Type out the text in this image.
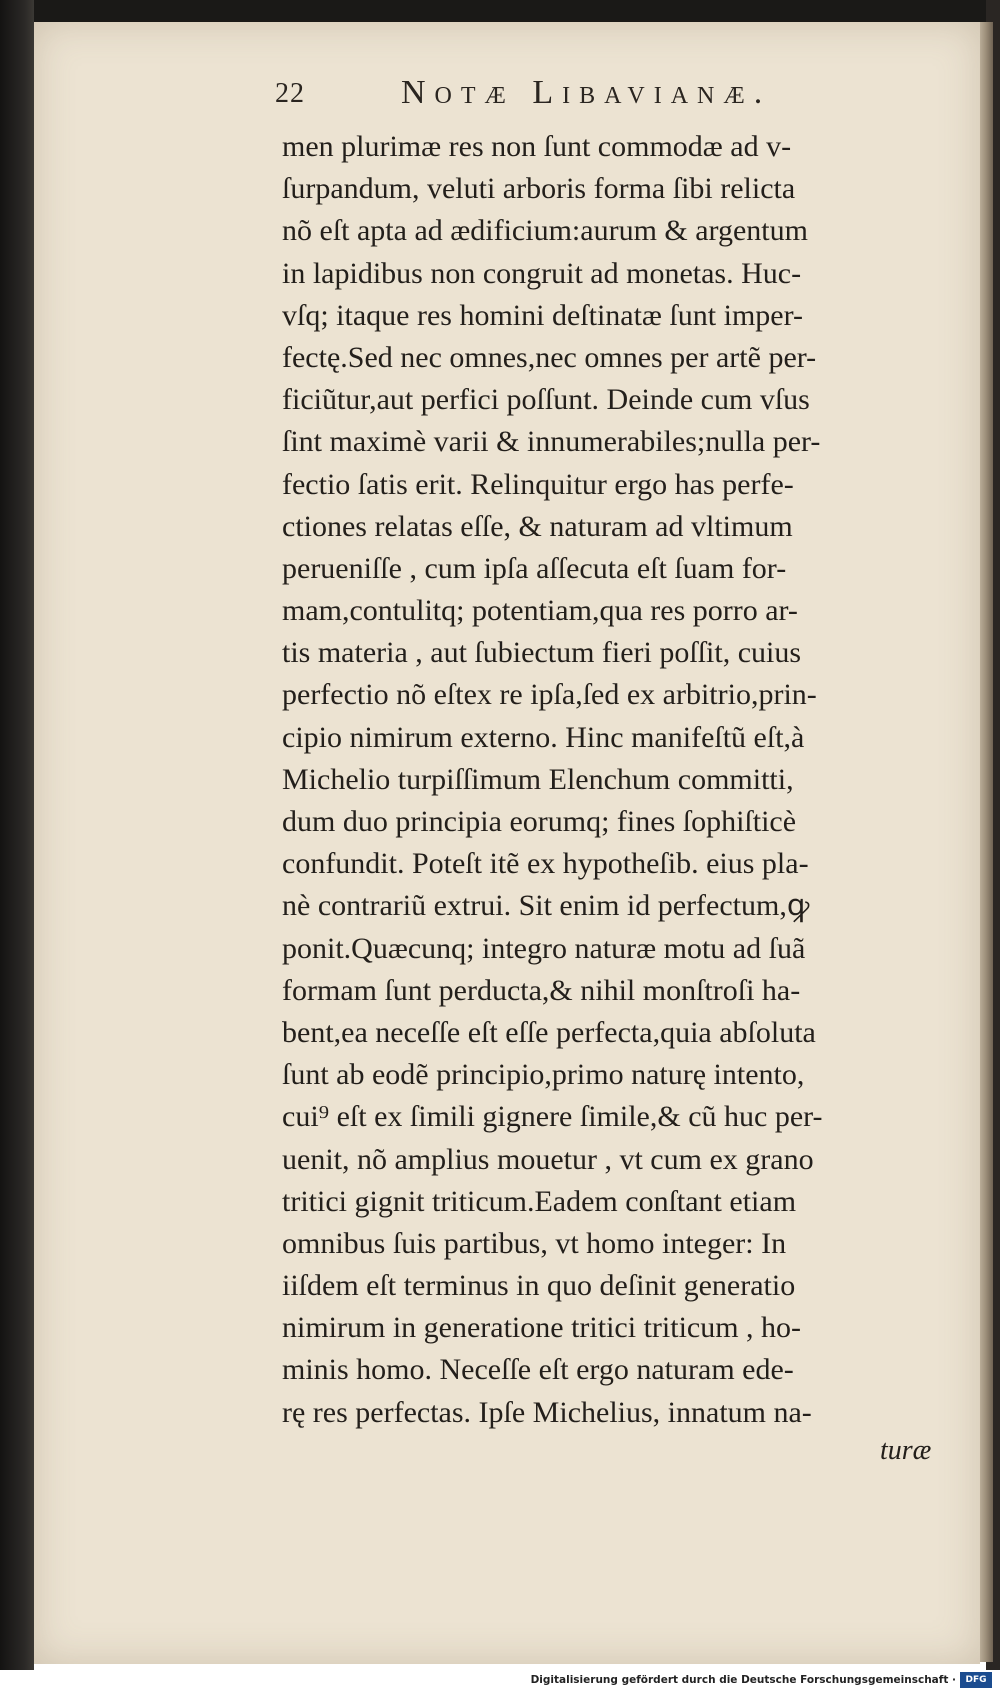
22	Notæ Libavianæ.
men plurimæ res non ſunt commodæ ad v-
ſurpandum, veluti arboris forma ſibi relicta
nõ eſt apta ad ædificium:aurum & argentum
in lapidibus non congruit ad monetas. Huc-
vſq; itaque res homini deſtinatæ ſunt imper-
fectę.Sed nec omnes,nec omnes per artẽ per-
ficiũtur,aut perfici poſſunt. Deinde cum vſus
ſint maximè varii & innumerabiles;nulla per-
fectio ſatis erit. Relinquitur ergo has perfe-
ctiones relatas eſſe, & naturam ad vltimum
perueniſſe , cum ipſa aſſecuta eſt ſuam for-
mam,contulitq; potentiam,qua res porro ar-
tis materia , aut ſubiectum fieri poſſit, cuius
perfectio nõ eſtex re ipſa,ſed ex arbitrio,prin-
cipio nimirum externo. Hinc manifeſtũ eſt,à
Michelio turpiſſimum Elenchum committi,
dum duo principia eorumq; fines ſophiſticè
confundit. Poteſt itẽ ex hypotheſib. eius pla-
nè contrariũ extrui. Sit enim id perfectum,ꝙ
ponit.Quæcunq; integro naturæ motu ad ſuã
formam ſunt perducta,& nihil monſtroſi ha-
bent,ea neceſſe eſt eſſe perfecta,quia abſoluta
ſunt ab eodẽ principio,primo naturę intento,
cui⁹ eſt ex ſimili gignere ſimile,& cũ huc per-
uenit, nõ amplius mouetur , vt cum ex grano
tritici gignit triticum.Eadem conſtant etiam
omnibus ſuis partibus, vt homo integer: In
iiſdem eſt terminus in quo deſinit generatio
nimirum in generatione tritici triticum , ho-
minis homo. Neceſſe eſt ergo naturam ede-
rę res perfectas. Ipſe Michelius, innatum na-
turæ
Digitalisierung gefördert durch die Deutsche Forschungsgemeinschaft ·	DFG
